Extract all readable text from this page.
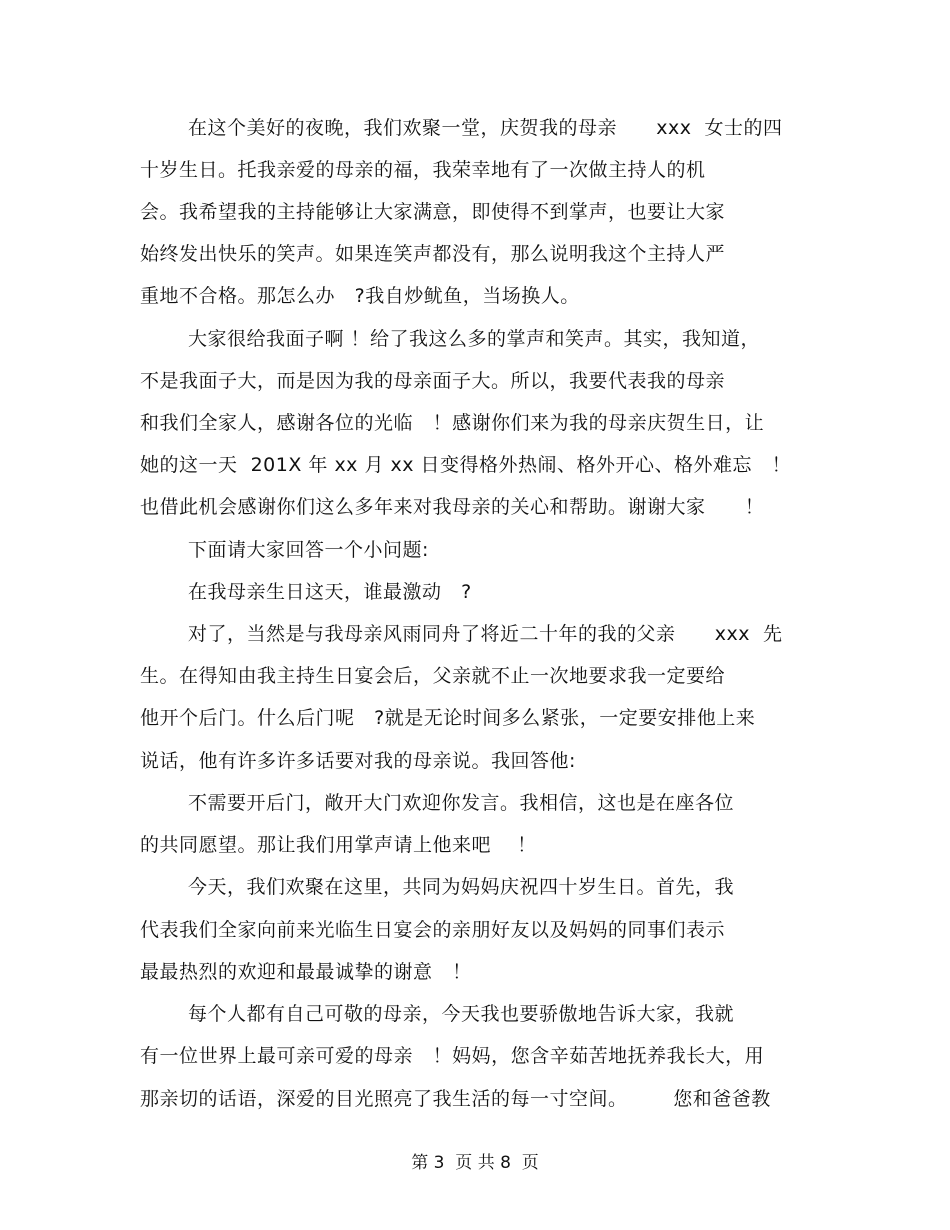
在这个美好的夜晚，我们欢聚一堂，庆贺我的母亲      xxx  女士的四
十岁生日。托我亲爱的母亲的福，我荣幸地有了一次做主持人的机
会。我希望我的主持能够让大家满意，即使得不到掌声，也要让大家
始终发出快乐的笑声。如果连笑声都没有，那么说明我这个主持人严
重地不合格。那怎么办   ?我自炒鱿鱼，当场换人。
大家很给我面子啊 ！给了我这么多的掌声和笑声。其实，我知道，
不是我面子大，而是因为我的母亲面子大。所以，我要代表我的母亲
和我们全家人，感谢各位的光临   ！感谢你们来为我的母亲庆贺生日，让
她的这一天  201X 年 xx 月 xx 日变得格外热闹、格外开心、格外难忘   ！
也借此机会感谢你们这么多年来对我母亲的关心和帮助。谢谢大家      ！
下面请大家回答一个小问题:
在我母亲生日这天，谁最激动   ?
对了，当然是与我母亲风雨同舟了将近二十年的我的父亲      xxx  先
生。在得知由我主持生日宴会后，父亲就不止一次地要求我一定要给
他开个后门。什么后门呢   ?就是无论时间多么紧张，一定要安排他上来
说话，他有许多许多话要对我的母亲说。我回答他:
不需要开后门，敞开大门欢迎你发言。我相信，这也是在座各位
的共同愿望。那让我们用掌声请上他来吧    ！
今天，我们欢聚在这里，共同为妈妈庆祝四十岁生日。首先，我
代表我们全家向前来光临生日宴会的亲朋好友以及妈妈的同事们表示
最最热烈的欢迎和最最诚挚的谢意   ！
每个人都有自己可敬的母亲，今天我也要骄傲地告诉大家，我就
有一位世界上最可亲可爱的母亲   ！妈妈，您含辛茹苦地抚养我长大，用
那亲切的话语，深爱的目光照亮了我生活的每一寸空间。       您和爸爸教
第 3  页 共 8  页
